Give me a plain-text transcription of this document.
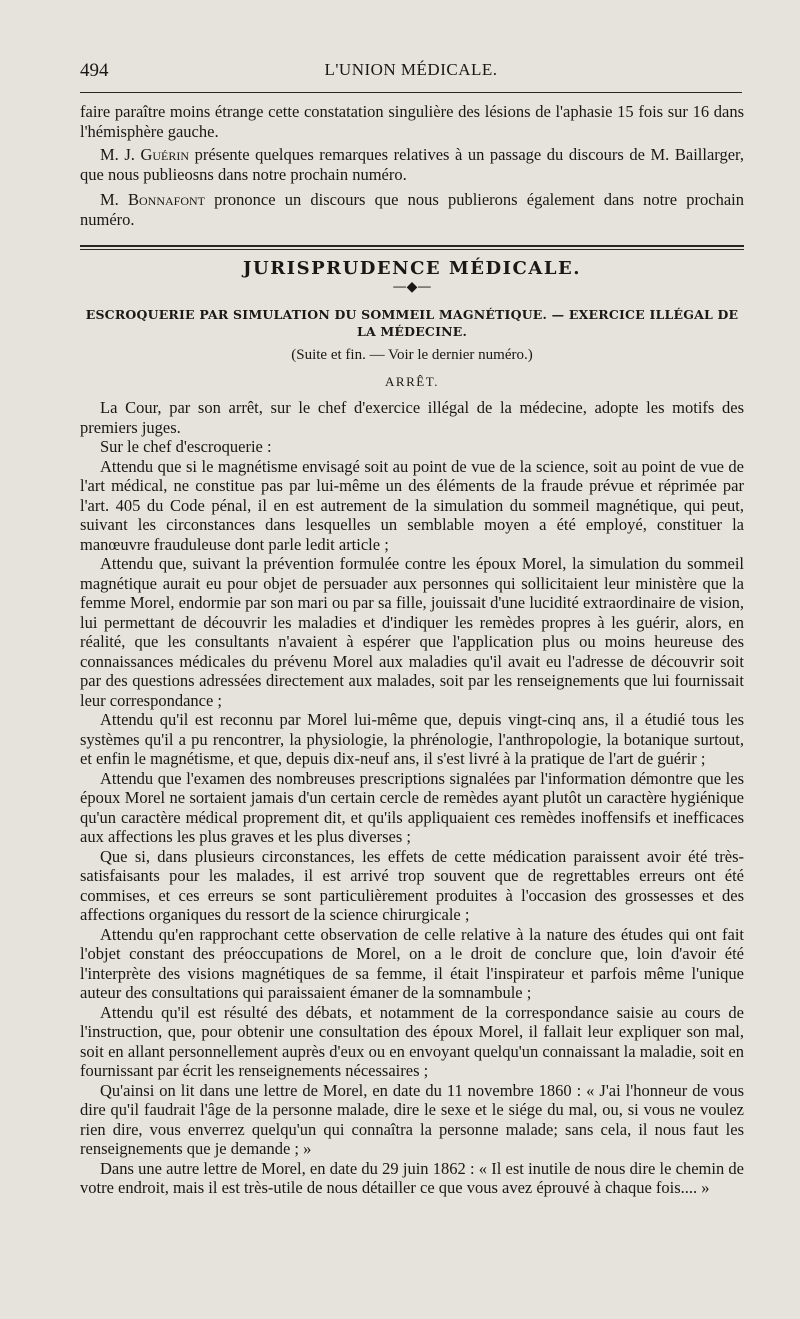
494	L'UNION MÉDICALE.

faire paraître moins étrange cette constatation singulière des lésions de l'aphasie 15 fois sur 16 dans l'hémisphère gauche.

M. J. Guérin présente quelques remarques relatives à un passage du discours de M. Baillarger, que nous publieosns dans notre prochain numéro.

M. Bonnafont prononce un discours que nous publierons également dans notre prochain numéro.

JURISPRUDENCE MÉDICALE.
—◆—
ESCROQUERIE PAR SIMULATION DU SOMMEIL MAGNÉTIQUE. — EXERCICE ILLÉGAL DE LA MÉDECINE.
(Suite et fin. — Voir le dernier numéro.)
ARRÊT.

La Cour, par son arrêt, sur le chef d'exercice illégal de la médecine, adopte les motifs des premiers juges.

Sur le chef d'escroquerie :

Attendu que si le magnétisme envisagé soit au point de vue de la science, soit au point de vue de l'art médical, ne constitue pas par lui-même un des éléments de la fraude prévue et réprimée par l'art. 405 du Code pénal, il en est autrement de la simulation du sommeil magnétique, qui peut, suivant les circonstances dans lesquelles un semblable moyen a été employé, constituer la manœuvre frauduleuse dont parle ledit article ;

Attendu que, suivant la prévention formulée contre les époux Morel, la simulation du sommeil magnétique aurait eu pour objet de persuader aux personnes qui sollicitaient leur ministère que la femme Morel, endormie par son mari ou par sa fille, jouissait d'une lucidité extraordinaire de vision, lui permettant de découvrir les maladies et d'indiquer les remèdes propres à les guérir, alors, en réalité, que les consultants n'avaient à espérer que l'application plus ou moins heureuse des connaissances médicales du prévenu Morel aux maladies qu'il avait eu l'adresse de découvrir soit par des questions adressées directement aux malades, soit par les renseignements que lui fournissait leur correspondance ;

Attendu qu'il est reconnu par Morel lui-même que, depuis vingt-cinq ans, il a étudié tous les systèmes qu'il a pu rencontrer, la physiologie, la phrénologie, l'anthropologie, la botanique surtout, et enfin le magnétisme, et que, depuis dix-neuf ans, il s'est livré à la pratique de l'art de guérir ;

Attendu que l'examen des nombreuses prescriptions signalées par l'information démontre que les époux Morel ne sortaient jamais d'un certain cercle de remèdes ayant plutôt un caractère hygiénique qu'un caractère médical proprement dit, et qu'ils appliquaient ces remèdes inoffensifs et inefficaces aux affections les plus graves et les plus diverses ;

Que si, dans plusieurs circonstances, les effets de cette médication paraissent avoir été très-satisfaisants pour les malades, il est arrivé trop souvent que de regrettables erreurs ont été commises, et ces erreurs se sont particulièrement produites à l'occasion des grossesses et des affections organiques du ressort de la science chirurgicale ;

Attendu qu'en rapprochant cette observation de celle relative à la nature des études qui ont fait l'objet constant des préoccupations de Morel, on a le droit de conclure que, loin d'avoir été l'interprète des visions magnétiques de sa femme, il était l'inspirateur et parfois même l'unique auteur des consultations qui paraissaient émaner de la somnambule ;

Attendu qu'il est résulté des débats, et notamment de la correspondance saisie au cours de l'instruction, que, pour obtenir une consultation des époux Morel, il fallait leur expliquer son mal, soit en allant personnellement auprès d'eux ou en envoyant quelqu'un connaissant la maladie, soit en fournissant par écrit les renseignements nécessaires ;

Qu'ainsi on lit dans une lettre de Morel, en date du 11 novembre 1860 : « J'ai l'honneur de vous dire qu'il faudrait l'âge de la personne malade, dire le sexe et le siége du mal, ou, si vous ne voulez rien dire, vous enverrez quelqu'un qui connaîtra la personne malade; sans cela, il nous faut les renseignements que je demande ; »

Dans une autre lettre de Morel, en date du 29 juin 1862 : « Il est inutile de nous dire le chemin de votre endroit, mais il est très-utile de nous détailler ce que vous avez éprouvé à chaque fois.... »
